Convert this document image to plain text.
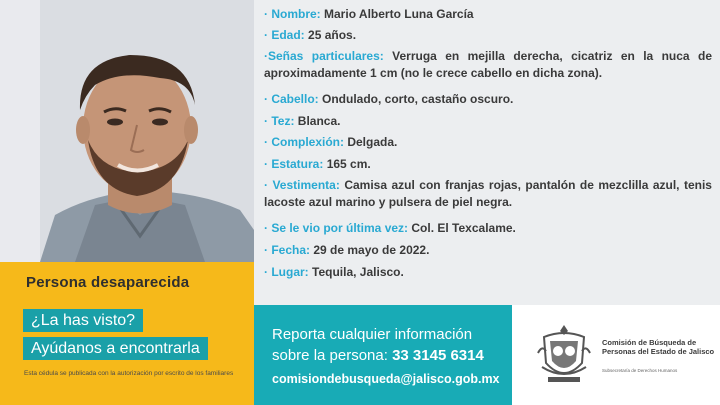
· Nombre: Mario Alberto Luna García
· Edad: 25 años.
·Señas particulares: Verruga en mejilla derecha, cicatriz en la nuca de aproximadamente 1 cm (no le crece cabello en dicha zona).
· Cabello: Ondulado, corto, castaño oscuro.
· Tez: Blanca.
· Complexión: Delgada.
· Estatura: 165 cm.
· Vestimenta: Camisa azul con franjas rojas, pantalón de mezclilla azul, tenis lacoste azul marino y pulsera de piel negra.
· Se le vio por última vez: Col. El Texcalame.
· Fecha: 29 de mayo de 2022.
· Lugar: Tequila, Jalisco.
Persona desaparecida
¿La has visto?
Ayúdanos a encontrarla
Esta cédula se publicada con la autorización por escrito de los familiares
Reporta cualquier información
sobre la persona: 33 3145 6314
comisiondebusqueda@jalisco.gob.mx
Comisión de Búsqueda de Personas del Estado de Jalisco
Subsecretaría de Derechos Humanos
